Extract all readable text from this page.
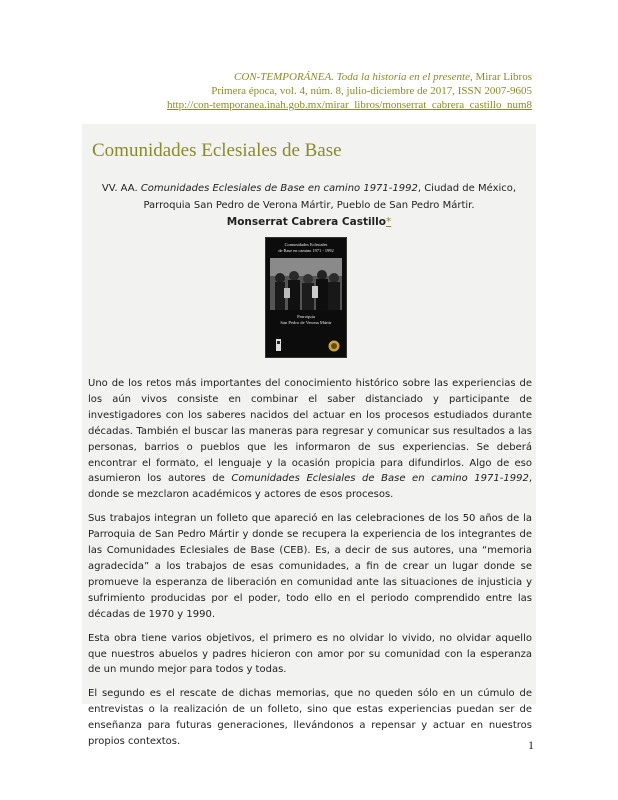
CON-TEMPORÁNEA. Toda la historia en el presente, Mirar Libros
Primera época, vol. 4, núm. 8, julio-diciembre de 2017, ISSN 2007-9605
http://con-temporanea.inah.gob.mx/mirar_libros/monserrat_cabrera_castillo_num8
Comunidades Eclesiales de Base
VV. AA. Comunidades Eclesiales de Base en camino 1971-1992, Ciudad de México, Parroquia San Pedro de Verona Mártir, Pueblo de San Pedro Mártir.
Monserrat Cabrera Castillo*
Comunidades Eclesiales
de Base en camino 1971 - 1992
Parroquia
San Pedro de Verona Mártir

Uno de los retos más importantes del conocimiento histórico sobre las experiencias de los aún vivos consiste en combinar el saber distanciado y participante de investigadores con los saberes nacidos del actuar en los procesos estudiados durante décadas. También el buscar las maneras para regresar y comunicar sus resultados a las personas, barrios o pueblos que les informaron de sus experiencias. Se deberá encontrar el formato, el lenguaje y la ocasión propicia para difundirlos. Algo de eso asumieron los autores de Comunidades Eclesiales de Base en camino 1971-1992, donde se mezclaron académicos y actores de esos procesos.

Sus trabajos integran un folleto que apareció en las celebraciones de los 50 años de la Parroquia de San Pedro Mártir y donde se recupera la experiencia de los integrantes de las Comunidades Eclesiales de Base (CEB). Es, a decir de sus autores, una “memoria agradecida” a los trabajos de esas comunidades, a fin de crear un lugar donde se promueve la esperanza de liberación en comunidad ante las situaciones de injusticia y sufrimiento producidas por el poder, todo ello en el periodo comprendido entre las décadas de 1970 y 1990.

Esta obra tiene varios objetivos, el primero es no olvidar lo vivido, no olvidar aquello que nuestros abuelos y padres hicieron con amor por su comunidad con la esperanza de un mundo mejor para todos y todas.

El segundo es el rescate de dichas memorias, que no queden sólo en un cúmulo de entrevistas o la realización de un folleto, sino que estas experiencias puedan ser de enseñanza para futuras generaciones, llevándonos a repensar y actuar en nuestros propios contextos.	1
